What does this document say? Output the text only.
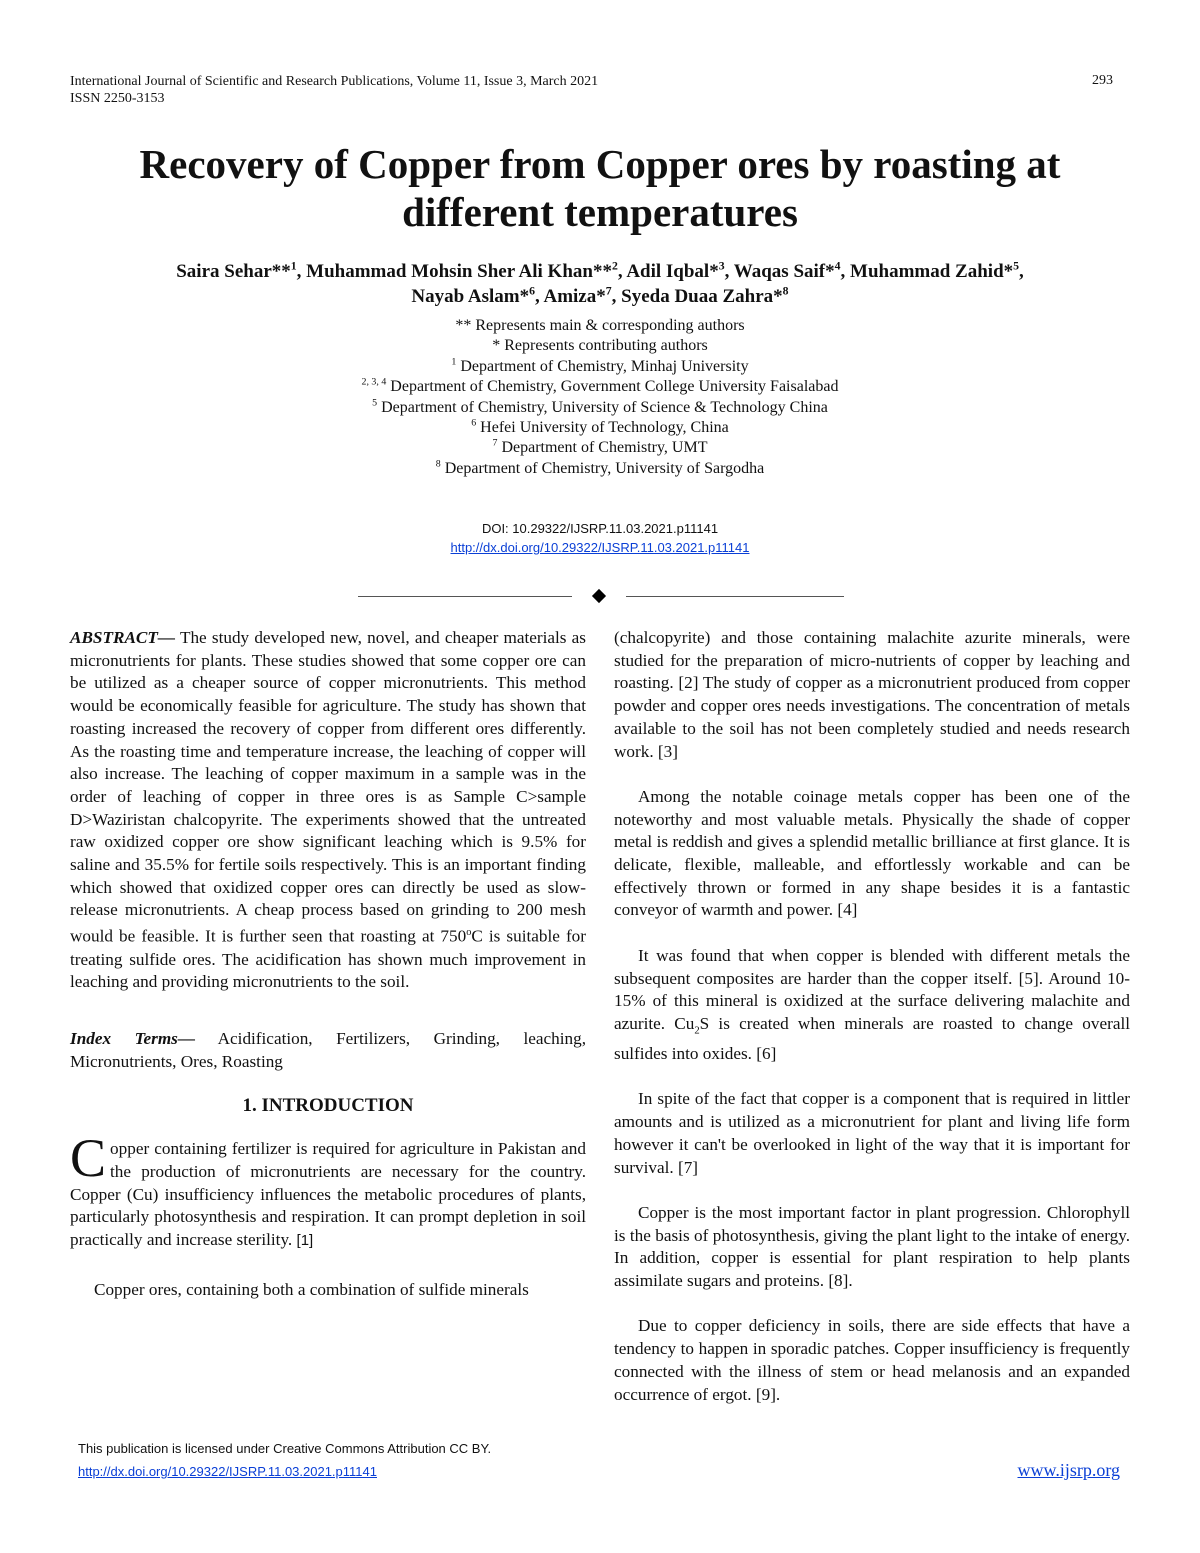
International Journal of Scientific and Research Publications, Volume 11, Issue 3, March 2021
ISSN 2250-3153
293
Recovery of Copper from Copper ores by roasting at
different temperatures
Saira Sehar**$^1$, Muhammad Mohsin Sher Ali Khan**$^2$, Adil Iqbal*$^3$, Waqas Saif*$^4$, Muhammad Zahid*$^5$,
Nayab Aslam*$^6$, Amiza*$^7$, Syeda Duaa Zahra*$^8$
** Represents main & corresponding authors
* Represents contributing authors
$^1$ Department of Chemistry, Minhaj University
$^{2, 3, 4}$ Department of Chemistry, Government College University Faisalabad
$^5$ Department of Chemistry, University of Science & Technology China
$^6$ Hefei University of Technology, China
$^7$ Department of Chemistry, UMT
$^8$ Department of Chemistry, University of Sargodha
DOI: 10.29322/IJSRP.11.03.2021.p11141
http://dx.doi.org/10.29322/IJSRP.11.03.2021.p11141

ABSTRACT— The study developed new, novel, and cheaper materials as micronutrients for plants. These studies showed that some copper ore can be utilized as a cheaper source of copper micronutrients. This method would be economically feasible for agriculture. The study has shown that roasting increased the recovery of copper from different ores differently. As the roasting time and temperature increase, the leaching of copper will also increase. The leaching of copper maximum in a sample was in the order of leaching of copper in three ores is as Sample C>sample D>Waziristan chalcopyrite. The experiments showed that the untreated raw oxidized copper ore show significant leaching which is 9.5% for saline and 35.5% for fertile soils respectively. This is an important finding which showed that oxidized copper ores can directly be used as slow-release micronutrients. A cheap process based on grinding to 200 mesh would be feasible. It is further seen that roasting at 750$^o$C is suitable for treating sulfide ores. The acidification has shown much improvement in leaching and providing micronutrients to the soil.

Index Terms— Acidification, Fertilizers, Grinding, leaching, Micronutrients, Ores, Roasting

1. INTRODUCTION

Copper containing fertilizer is required for agriculture in Pakistan and the production of micronutrients are necessary for the country. Copper (Cu) insufficiency influences the metabolic procedures of plants, particularly photosynthesis and respiration. It can prompt depletion in soil practically and increase sterility. [1]

Copper ores, containing both a combination of sulfide minerals

(chalcopyrite) and those containing malachite azurite minerals, were studied for the preparation of micro-nutrients of copper by leaching and roasting. [2] The study of copper as a micronutrient produced from copper powder and copper ores needs investigations. The concentration of metals available to the soil has not been completely studied and needs research work. [3]

Among the notable coinage metals copper has been one of the noteworthy and most valuable metals. Physically the shade of copper metal is reddish and gives a splendid metallic brilliance at first glance. It is delicate, flexible, malleable, and effortlessly workable and can be effectively thrown or formed in any shape besides it is a fantastic conveyor of warmth and power. [4]

It was found that when copper is blended with different metals the subsequent composites are harder than the copper itself. [5]. Around 10-15% of this mineral is oxidized at the surface delivering malachite and azurite. $Cu_2S$ is created when minerals are roasted to change overall sulfides into oxides. [6]

In spite of the fact that copper is a component that is required in littler amounts and is utilized as a micronutrient for plant and living life form however it can't be overlooked in light of the way that it is important for survival. [7]

Copper is the most important factor in plant progression. Chlorophyll is the basis of photosynthesis, giving the plant light to the intake of energy. In addition, copper is essential for plant respiration to help plants assimilate sugars and proteins. [8].

Due to copper deficiency in soils, there are side effects that have a tendency to happen in sporadic patches. Copper insufficiency is frequently connected with the illness of stem or head melanosis and an expanded occurrence of ergot. [9].

This publication is licensed under Creative Commons Attribution CC BY.
http://dx.doi.org/10.29322/IJSRP.11.03.2021.p11141	www.ijsrp.org
